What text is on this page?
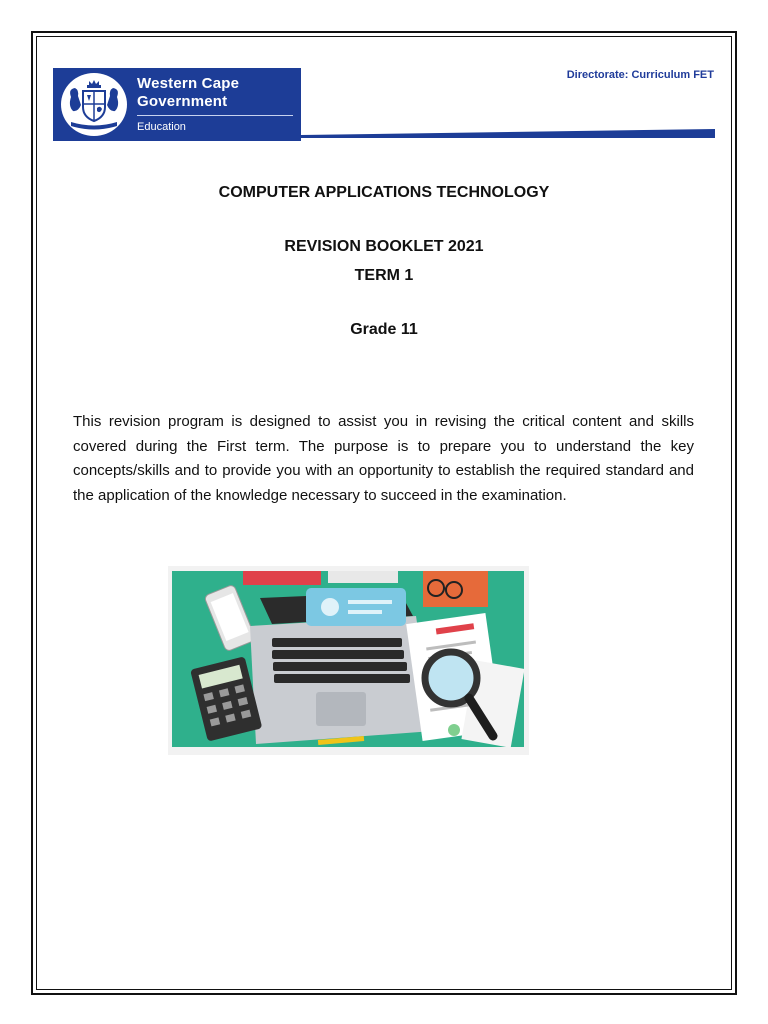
Western Cape
Government
Education
Directorate: Curriculum FET
COMPUTER APPLICATIONS TECHNOLOGY
REVISION BOOKLET 2021
TERM 1
Grade 11

This revision program is designed to assist you in revising the critical content and skills covered during the First term. The purpose is to prepare you to understand the key concepts/skills and to provide you with an opportunity to establish the required standard and the application of the knowledge necessary to succeed in the examination.
